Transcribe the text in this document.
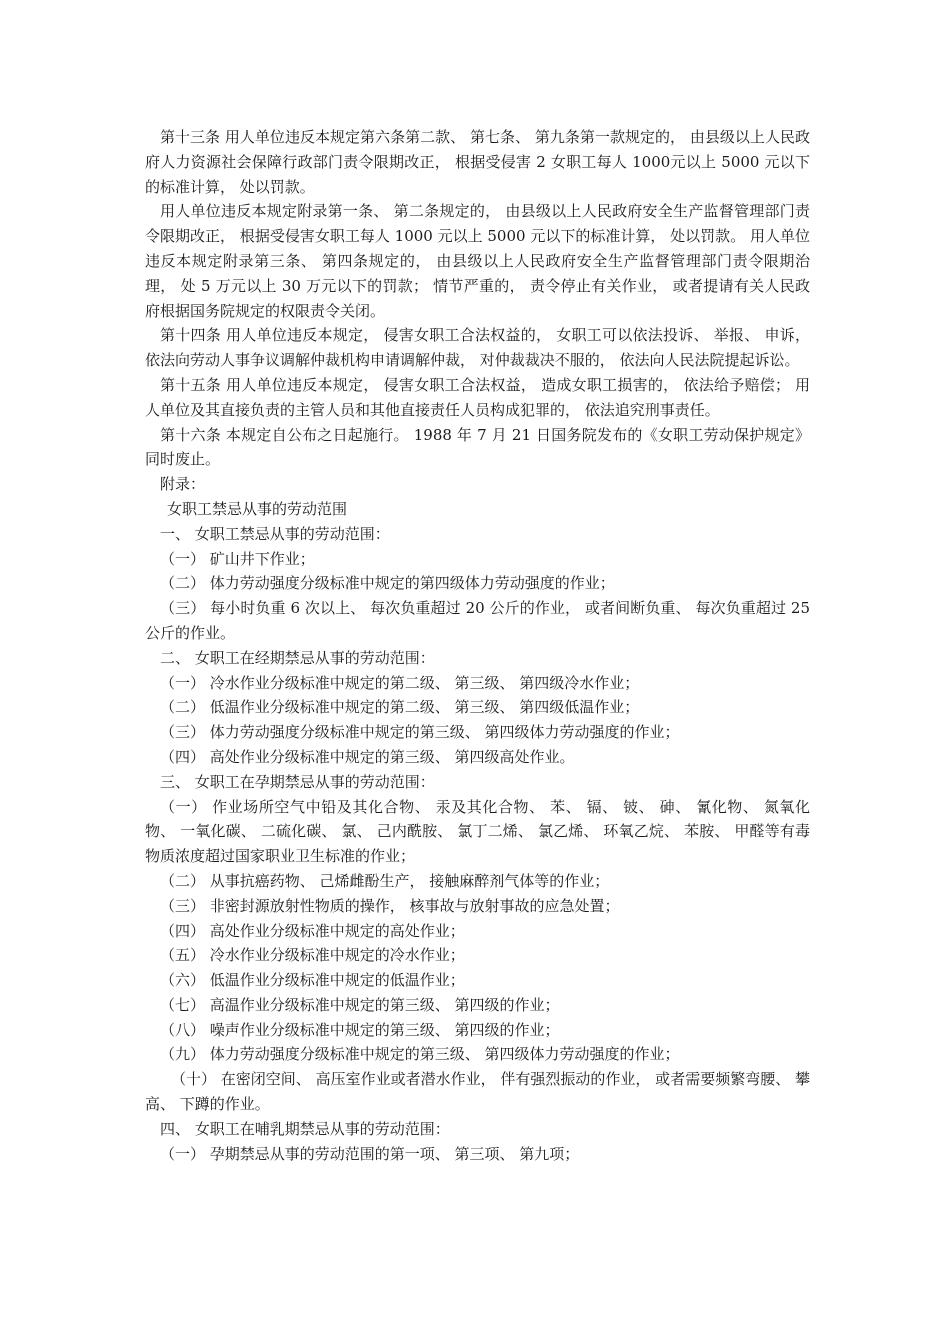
第十三条 用人单位违反本规定第六条第二款、 第七条、 第九条第一款规定的， 由县级以上人民政府人力资源社会保障行政部门责令限期改正， 根据受侵害 2 女职工每人 1000元以上 5000 元以下的标准计算， 处以罚款。

用人单位违反本规定附录第一条、 第二条规定的， 由县级以上人民政府安全生产监督管理部门责令限期改正， 根据受侵害女职工每人 1000 元以上 5000 元以下的标准计算， 处以罚款。 用人单位违反本规定附录第三条、 第四条规定的， 由县级以上人民政府安全生产监督管理部门责令限期治理， 处 5 万元以上 30 万元以下的罚款； 情节严重的， 责令停止有关作业， 或者提请有关人民政府根据国务院规定的权限责令关闭。

第十四条 用人单位违反本规定， 侵害女职工合法权益的， 女职工可以依法投诉、 举报、 申诉， 依法向劳动人事争议调解仲裁机构申请调解仲裁， 对仲裁裁决不服的， 依法向人民法院提起诉讼。

第十五条 用人单位违反本规定， 侵害女职工合法权益， 造成女职工损害的， 依法给予赔偿； 用人单位及其直接负责的主管人员和其他直接责任人员构成犯罪的， 依法追究刑事责任。

第十六条 本规定自公布之日起施行。 1988 年 7 月 21 日国务院发布的《女职工劳动保护规定》 同时废止。

附录：

女职工禁忌从事的劳动范围

一、 女职工禁忌从事的劳动范围：

（一） 矿山井下作业；

（二） 体力劳动强度分级标准中规定的第四级体力劳动强度的作业；

（三） 每小时负重 6 次以上、 每次负重超过 20 公斤的作业， 或者间断负重、 每次负重超过 25 公斤的作业。

二、 女职工在经期禁忌从事的劳动范围：

（一） 冷水作业分级标准中规定的第二级、 第三级、 第四级冷水作业；

（二） 低温作业分级标准中规定的第二级、 第三级、 第四级低温作业；

（三） 体力劳动强度分级标准中规定的第三级、 第四级体力劳动强度的作业；

（四） 高处作业分级标准中规定的第三级、 第四级高处作业。

三、 女职工在孕期禁忌从事的劳动范围：

（一） 作业场所空气中铅及其化合物、 汞及其化合物、 苯、 镉、 铍、 砷、 氰化物、 氮氧化物、 一氧化碳、 二硫化碳、 氯、 己内酰胺、 氯丁二烯、 氯乙烯、 环氧乙烷、 苯胺、 甲醛等有毒物质浓度超过国家职业卫生标准的作业；

（二） 从事抗癌药物、 己烯雌酚生产， 接触麻醉剂气体等的作业；

（三） 非密封源放射性物质的操作， 核事故与放射事故的应急处置；

（四） 高处作业分级标准中规定的高处作业；

（五） 冷水作业分级标准中规定的冷水作业；

（六） 低温作业分级标准中规定的低温作业；

（七） 高温作业分级标准中规定的第三级、 第四级的作业；

（八） 噪声作业分级标准中规定的第三级、 第四级的作业；

（九） 体力劳动强度分级标准中规定的第三级、 第四级体力劳动强度的作业；

（十） 在密闭空间、 高压室作业或者潜水作业， 伴有强烈振动的作业， 或者需要频繁弯腰、 攀高、 下蹲的作业。

四、 女职工在哺乳期禁忌从事的劳动范围：

（一） 孕期禁忌从事的劳动范围的第一项、 第三项、 第九项；
